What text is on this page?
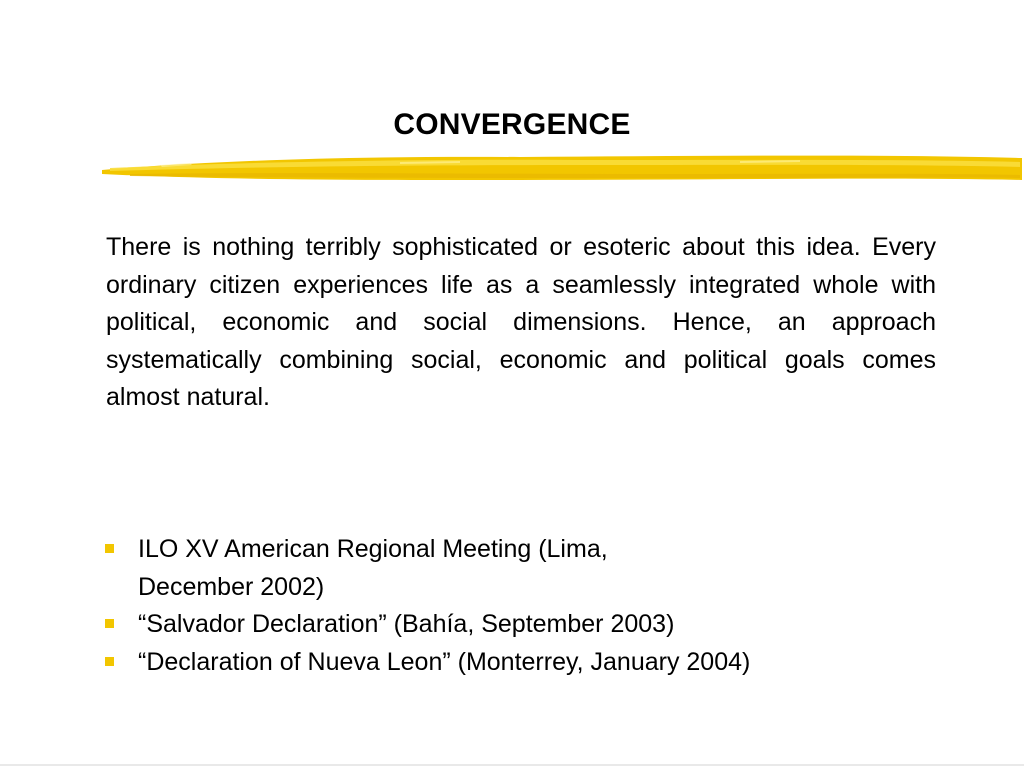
CONVERGENCE

There is nothing terribly sophisticated or esoteric about this idea. Every ordinary citizen experiences life as a seamlessly integrated whole with political, economic and social dimensions. Hence, an approach systematically combining social, economic and political goals comes almost natural.

ILO XV American Regional Meeting (Lima,
December 2002)
“Salvador Declaration” (Bahía, September 2003)
“Declaration of Nueva Leon” (Monterrey, January 2004)
